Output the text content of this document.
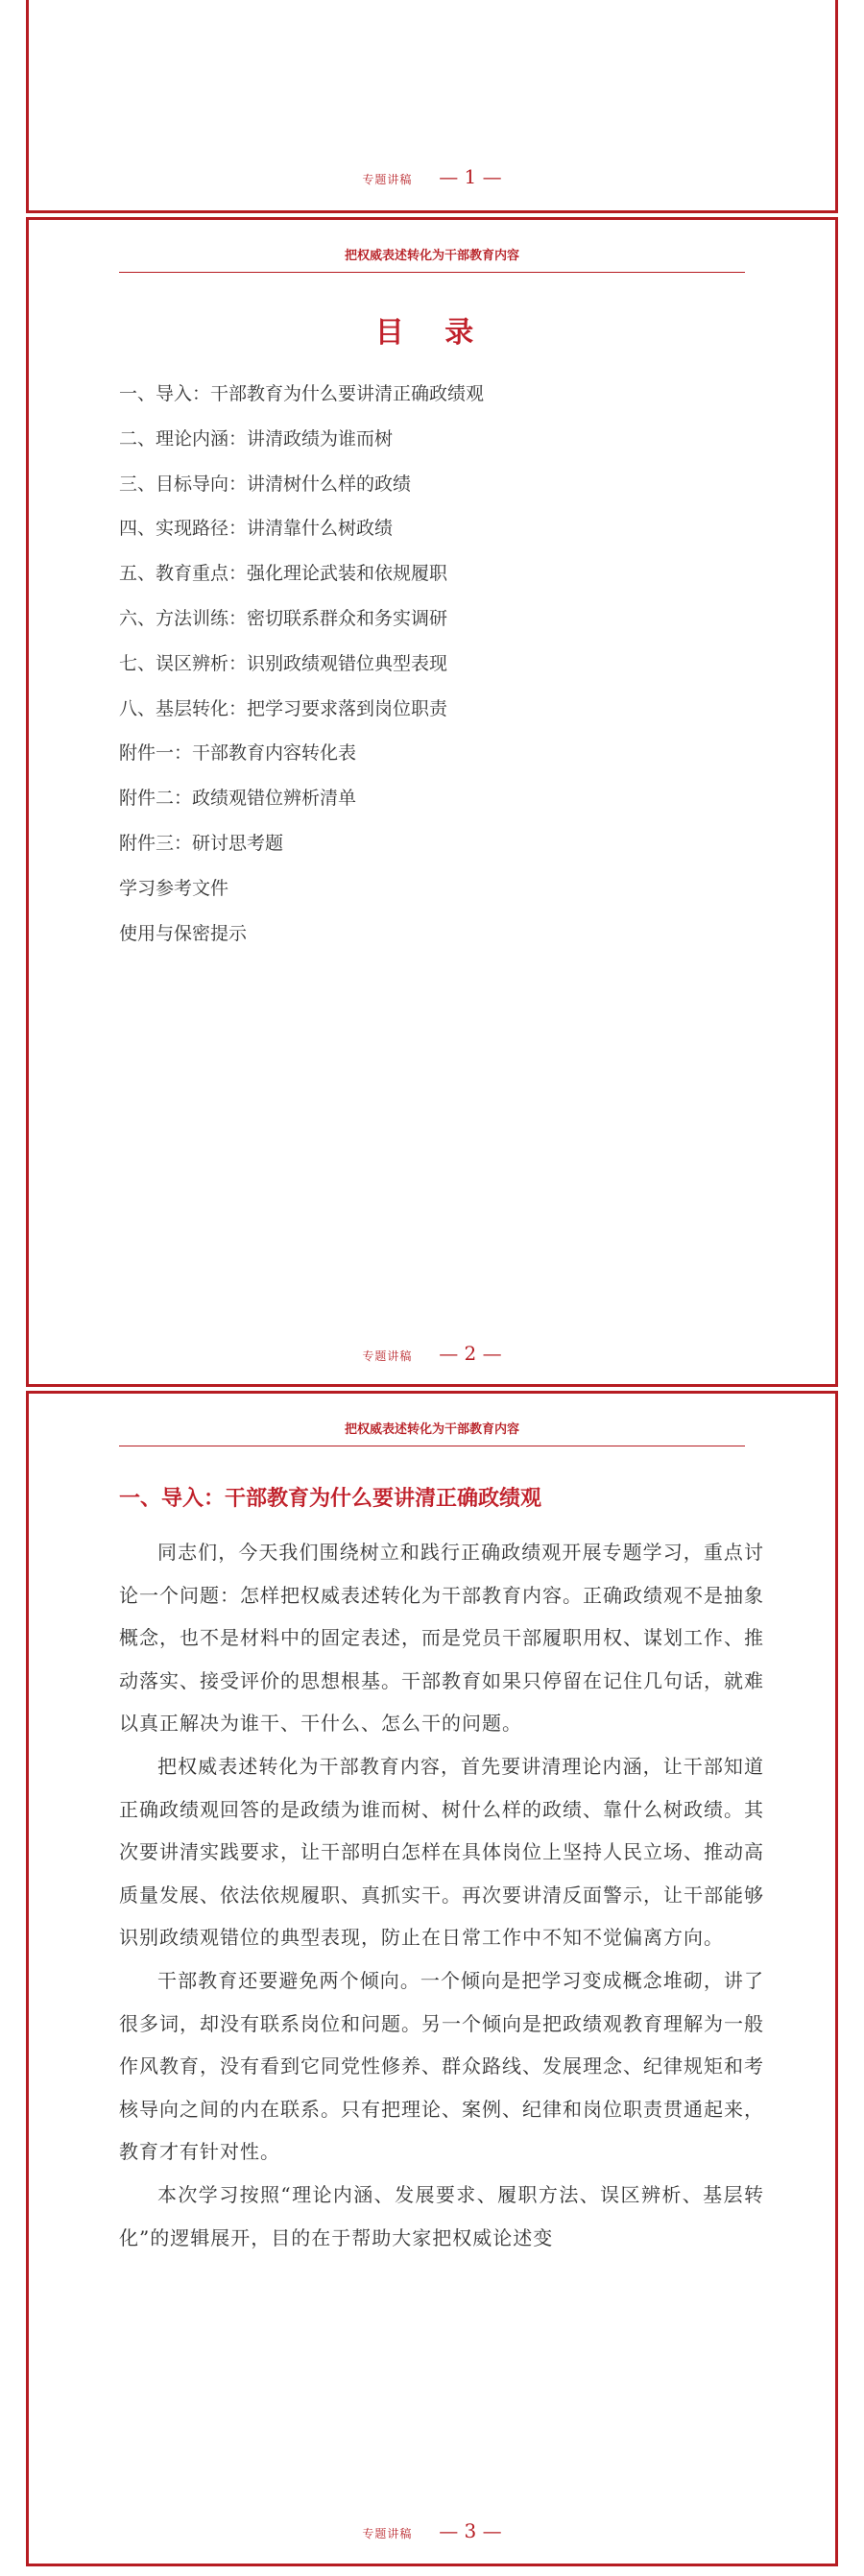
专题讲稿 — 1 —
把权威表述转化为干部教育内容
目 录
一、导入：干部教育为什么要讲清正确政绩观
二、理论内涵：讲清政绩为谁而树
三、目标导向：讲清树什么样的政绩
四、实现路径：讲清靠什么树政绩
五、教育重点：强化理论武装和依规履职
六、方法训练：密切联系群众和务实调研
七、误区辨析：识别政绩观错位典型表现
八、基层转化：把学习要求落到岗位职责
附件一：干部教育内容转化表
附件二：政绩观错位辨析清单
附件三：研讨思考题
学习参考文件
使用与保密提示
专题讲稿 — 2 —
把权威表述转化为干部教育内容
一、导入：干部教育为什么要讲清正确政绩观

同志们，今天我们围绕树立和践行正确政绩观开展专题学习，重点讨论一个问题：怎样把权威表述转化为干部教育内容。正确政绩观不是抽象概念，也不是材料中的固定表述，而是党员干部履职用权、谋划工作、推动落实、接受评价的思想根基。干部教育如果只停留在记住几句话，就难以真正解决为谁干、干什么、怎么干的问题。

把权威表述转化为干部教育内容，首先要讲清理论内涵，让干部知道正确政绩观回答的是政绩为谁而树、树什么样的政绩、靠什么树政绩。其次要讲清实践要求，让干部明白怎样在具体岗位上坚持人民立场、推动高质量发展、依法依规履职、真抓实干。再次要讲清反面警示，让干部能够识别政绩观错位的典型表现，防止在日常工作中不知不觉偏离方向。

干部教育还要避免两个倾向。一个倾向是把学习变成概念堆砌，讲了很多词，却没有联系岗位和问题。另一个倾向是把政绩观教育理解为一般作风教育，没有看到它同党性修养、群众路线、发展理念、纪律规矩和考核导向之间的内在联系。只有把理论、案例、纪律和岗位职责贯通起来，教育才有针对性。

本次学习按照“理论内涵、发展要求、履职方法、误区辨析、基层转化”的逻辑展开，目的在于帮助大家把权威论述变

专题讲稿 — 3 —
